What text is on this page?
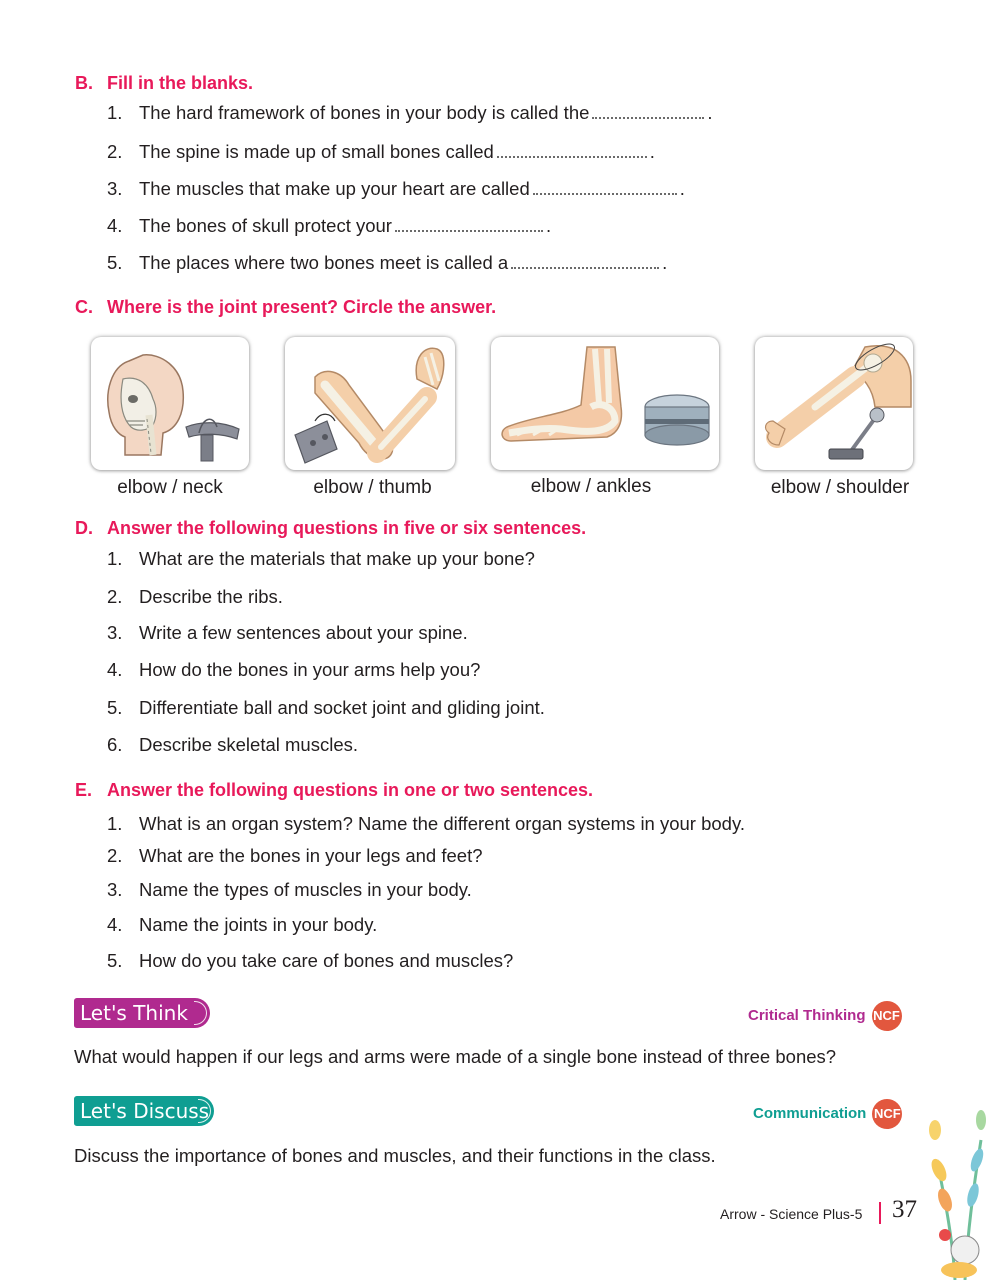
B. Fill in the blanks.
1. The hard framework of bones in your body is called the	.
2. The spine is made up of small bones called	.
3. The muscles that make up your heart are called	.
4. The bones of skull protect your	.
5. The places where two bones meet is called a	.
C. Where is the joint present? Circle the answer.
elbow / neck	elbow / thumb	elbow / ankles	elbow / shoulder
D. Answer the following questions in five or six sentences.
1. What are the materials that make up your bone?
2. Describe the ribs.
3. Write a few sentences about your spine.
4. How do the bones in your arms help you?
5. Differentiate ball and socket joint and gliding joint.
6. Describe skeletal muscles.
E. Answer the following questions in one or two sentences.
1. What is an organ system? Name the different organ systems in your body.
2. What are the bones in your legs and feet?
3. Name the types of muscles in your body.
4. Name the joints in your body.
5. How do you take care of bones and muscles?
Let's Think	Critical Thinking NCF
What would happen if our legs and arms were made of a single bone instead of three bones?
Let's Discuss	Communication NCF
Discuss the importance of bones and muscles, and their functions in the class.
Arrow - Science Plus-5 37
